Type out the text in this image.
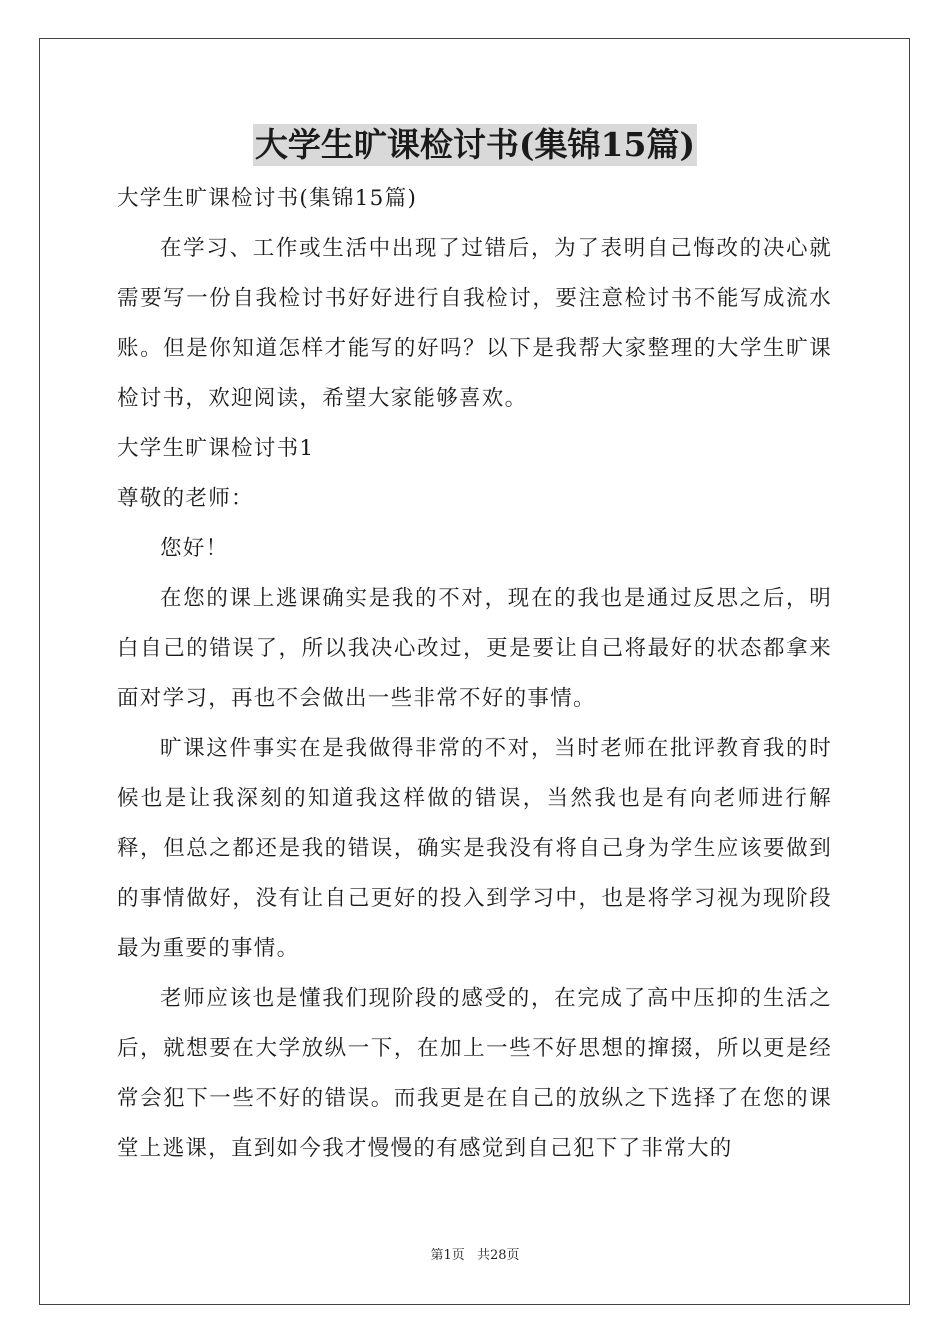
大学生旷课检讨书(集锦15篇)
大学生旷课检讨书(集锦15篇)

在学习、工作或生活中出现了过错后，为了表明自己悔改的决心就需要写一份自我检讨书好好进行自我检讨，要注意检讨书不能写成流水账。但是你知道怎样才能写的好吗？以下是我帮大家整理的大学生旷课检讨书，欢迎阅读，希望大家能够喜欢。

大学生旷课检讨书1
尊敬的老师：

您好！

在您的课上逃课确实是我的不对，现在的我也是通过反思之后，明白自己的错误了，所以我决心改过，更是要让自己将最好的状态都拿来面对学习，再也不会做出一些非常不好的事情。

旷课这件事实在是我做得非常的不对，当时老师在批评教育我的时候也是让我深刻的知道我这样做的错误，当然我也是有向老师进行解释，但总之都还是我的错误，确实是我没有将自己身为学生应该要做到的事情做好，没有让自己更好的投入到学习中，也是将学习视为现阶段最为重要的事情。

老师应该也是懂我们现阶段的感受的，在完成了高中压抑的生活之后，就想要在大学放纵一下，在加上一些不好思想的撺掇，所以更是经常会犯下一些不好的错误。而我更是在自己的放纵之下选择了在您的课堂上逃课，直到如今我才慢慢的有感觉到自己犯下了非常大的

第1页 共28页
